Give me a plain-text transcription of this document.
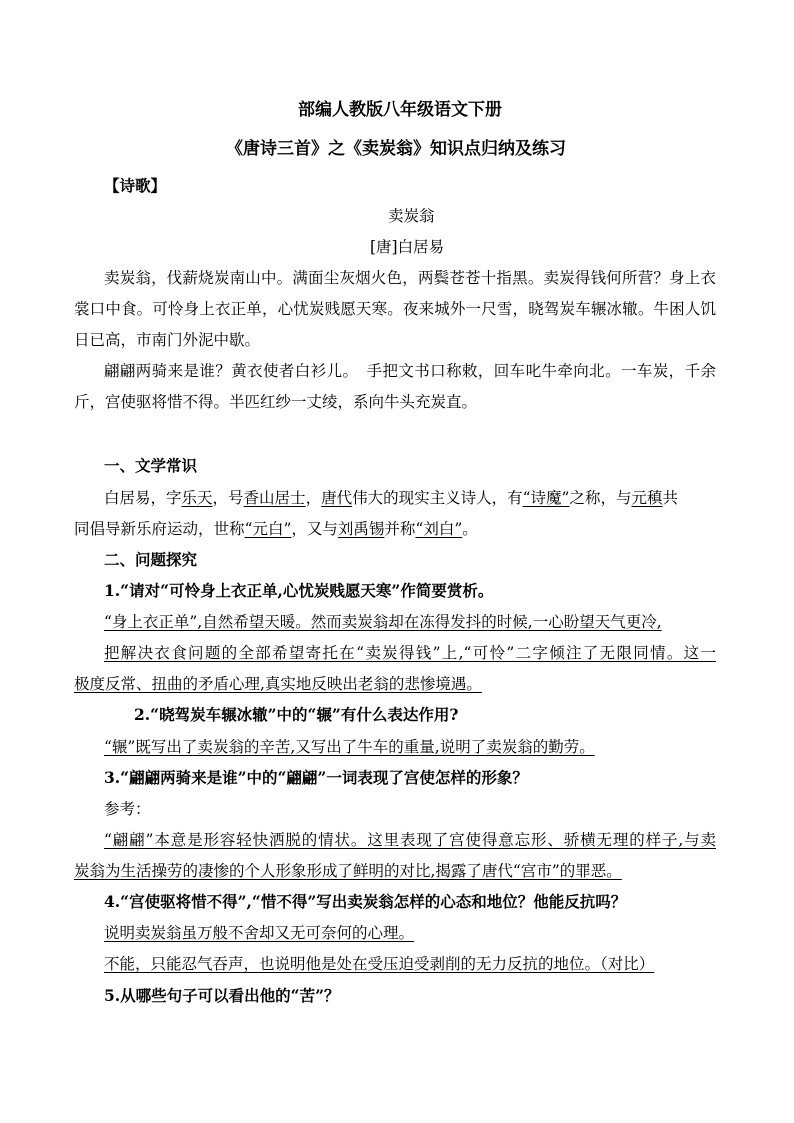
部编人教版八年级语文下册
《唐诗三首》之《卖炭翁》知识点归纳及练习
【诗歌】
卖炭翁
[唐]白居易
卖炭翁，伐薪烧炭南山中。满面尘灰烟火色，两鬓苍苍十指黑。卖炭得钱何所营？身上衣
裳口中食。可怜身上衣正单，心忧炭贱愿天寒。夜来城外一尺雪，晓驾炭车辗冰辙。牛困人饥
日已高，市南门外泥中歇。
翩翩两骑来是谁？黄衣使者白衫儿。　手把文书口称敕，回车叱牛牵向北。一车炭，千余
斤，宫使驱将惜不得。半匹红纱一丈绫，系向牛头充炭直。
一、文学常识
白居易，字乐天，号香山居士，唐代伟大的现实主义诗人，有“诗魔”之称，与元稹共
同倡导新乐府运动，世称“元白”，又与刘禹锡并称“刘白”。
二、问题探究
1.“请对“可怜身上衣正单,心忧炭贱愿天寒”作简要赏析。
“身上衣正单”,自然希望天暖。然而卖炭翁却在冻得发抖的时候,一心盼望天气更冷,
把解决衣食问题的全部希望寄托在“卖炭得钱”上,“可怜”二字倾注了无限同情。这一
极度反常、扭曲的矛盾心理,真实地反映出老翁的悲惨境遇。
2.“晓驾炭车辗冰辙”中的“辗”有什么表达作用?
“辗”既写出了卖炭翁的辛苦,又写出了牛车的重量,说明了卖炭翁的勤劳。
3.“翩翩两骑来是谁”中的“翩翩”一词表现了宫使怎样的形象？
参考：
“翩翩”本意是形容轻快洒脱的情状。这里表现了宫使得意忘形、骄横无理的样子,与卖
炭翁为生活操劳的凄惨的个人形象形成了鲜明的对比,揭露了唐代“宫市”的罪恶。
4.“宫使驱将惜不得”,“惜不得”写出卖炭翁怎样的心态和地位？他能反抗吗？
说明卖炭翁虽万般不舍却又无可奈何的心理。
不能，只能忍气吞声，也说明他是处在受压迫受剥削的无力反抗的地位。（对比）
5.从哪些句子可以看出他的“苦”？
